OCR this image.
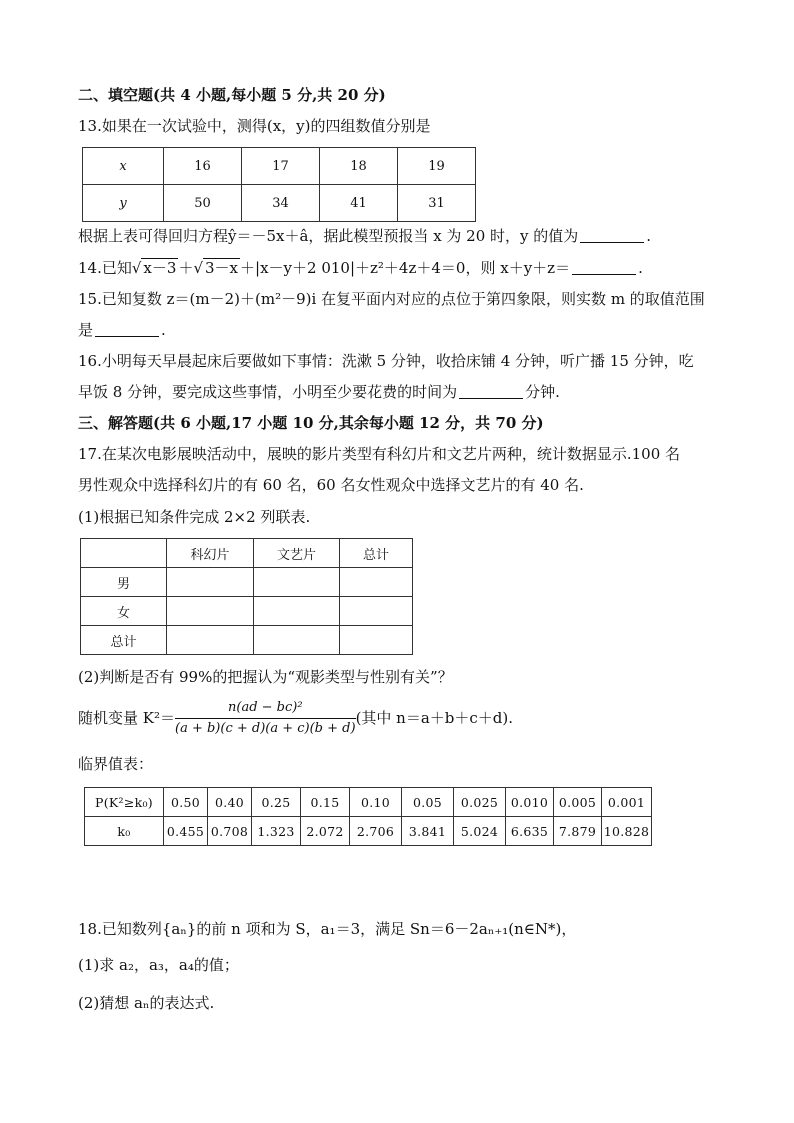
二、填空题(共 4 小题,每小题 5 分,共 20 分)
13.如果在一次试验中，测得(x，y)的四组数值分别是
x	16	17	18	19
y	50	34	41	31
根据上表可得回归方程ŷ＝－5x＋â，据此模型预报当 x 为 20 时，y 的值为	.
14.已知√ x－3 ＋√ 3－x ＋|x－y＋2 010|＋z²＋4z＋4＝0，则 x＋y＋z＝	.
15.已知复数 z＝(m－2)＋(m²－9)i 在复平面内对应的点位于第四象限，则实数 m 的取值范围
是	.
16.小明每天早晨起床后要做如下事情：洗漱 5 分钟，收拾床铺 4 分钟，听广播 15 分钟，吃
早饭 8 分钟，要完成这些事情，小明至少要花费的时间为	分钟.
三、解答题(共 6 小题,17 小题 10 分,其余每小题 12 分，共 70 分)
17.在某次电影展映活动中，展映的影片类型有科幻片和文艺片两种，统计数据显示.100 名
男性观众中选择科幻片的有 60 名，60 名女性观众中选择文艺片的有 40 名.
(1)根据已知条件完成 2×2 列联表.
	科幻片	文艺片	总计
男			
女			
总计			
(2)判断是否有 99%的把握认为“观影类型与性别有关”？
随机变量 $K^2= \frac{\text{n(ad − bc)²}}{(a + b)(c + d)(a + c)(b + d)}$ (其中 n＝a＋b＋c＋d).
临界值表：
P(K²≥k₀)	0.50	0.40	0.25	0.15	0.10	0.05	0.025	0.010	0.005	0.001
k₀	0.455	0.708	1.323	2.072	2.706	3.841	5.024	6.635	7.879	10.828
18.已知数列{aₙ}的前 n 项和为 S，a₁＝3，满足 Sn＝6－2aₙ₊₁(n∈N*)，
(1)求 a₂，a₃，a₄的值；
(2)猜想 aₙ的表达式.
